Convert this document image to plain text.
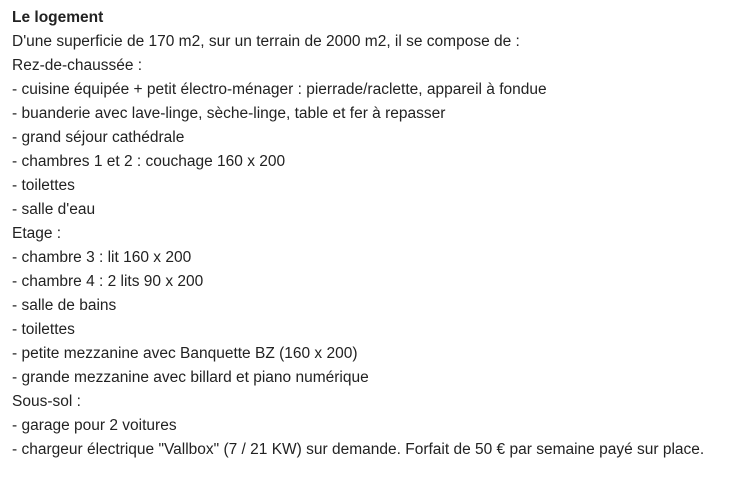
Le logement
D'une superficie de 170 m2, sur un terrain de 2000 m2, il se compose de :
Rez-de-chaussée :
- cuisine équipée + petit électro-ménager : pierrade/raclette, appareil à fondue
- buanderie avec lave-linge, sèche-linge, table et fer à repasser
- grand séjour cathédrale
- chambres 1 et 2 : couchage 160 x 200
- toilettes
- salle d'eau
Etage :
- chambre 3 : lit 160 x 200
- chambre 4 : 2 lits 90 x 200
- salle de bains
- toilettes
- petite mezzanine avec Banquette BZ (160 x 200)
- grande mezzanine avec billard et piano numérique
Sous-sol :
- garage pour 2 voitures
- chargeur électrique "Vallbox" (7 / 21 KW) sur demande. Forfait de 50 € par semaine payé sur place.
